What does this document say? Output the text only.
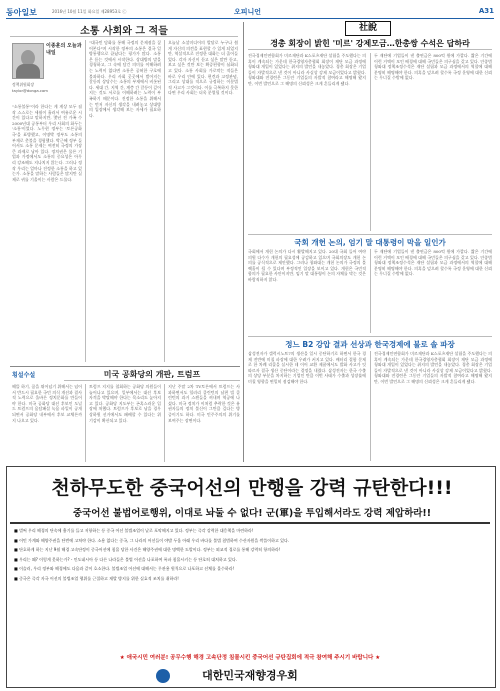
동아일보	2016년 10월 11일 화요일 제28953호 ⓒ	오피니언	A31
소통 사회와 그 적들
이종훈의 오늘과 내일
정책위원회장
taylor@donga.com
"소통불통"이라 한다는 게 게상 모두 짐작 스스로는 세월이 흘러서 여유로운 시간이 있다고 말하지만, 몇년 전 가족 수 2000년대 공통부터 우리 사회의 화두는 '소통'이었다. 노무현 정부는 '토론공화국'을 표방했고, 이명박 정부도 소통의 부재로 촛불을 경험했다. 박근혜 정부 들어서도 소통 문제는 여전히 국정의 가장 큰 과제로 남아 있다. 정치권은 물론 기업과 가정에서도 소통의 중요성은 아무리 강조해도 지나치지 않는다. 그러나 정작 우리는 얼마나 진정한 소통을 하고 있는가. 소통을 말하는 사람들은 많지만 실제로 귀를 기울이는 사람은 드물다.
"대국민 담화를 통해 국정의 문제점을 짚어본다"며 시작한 정부의 소통은 결국 일방통행으로 끝났다는 평가가 많다. 소통은 듣는 것에서 시작한다. 상대방의 말을 경청하고, 그 속에 담긴 의미를 이해하려는 노력이 없다면 소통은 공허한 구호에 불과하다. 우리 사회 곳곳에서 벌어지는 갈등의 상당수는 소통의 부재에서 비롯된다. 세대 간, 지역 간, 계층 간 갈등이 깊어지는 것도 서로를 이해하려는 노력이 부족하기 때문이다. 진정한 소통을 위해서는 먼저 자신의 생각을 내려놓고 상대방의 입장에서 생각해 보는 자세가 필요하다.
오늘날 소셜미디어의 발달로 누구나 쉽게 자신의 의견을 표현할 수 있게 되었지만, 역설적으로 진정한 대화는 더 줄어들었다. 각자 자신이 듣고 싶은 말만 듣고, 보고 싶은 것만 보는 확증편향이 심화되고 있다. 소통 사회를 가로막는 적들은 바로 우리 안에 있다. 편견과 고정관념, 그리고 상대를 적으로 규정하는 이분법적 사고가 그것이다. 이를 극복하지 못한다면 우리 사회는 더욱 분열될 것이다.
社說
경총 회장이 밝힌 '미르' 강제모금…한총쌍 수석은 답하라
전국경제인연합회가 미르재단과 K스포츠재단 설립을 주도했다는 의혹이 계속되는 가운데 한국경영자총협회 회장이 재단 모금 과정에 청와대 개입이 있었다는 취지의 발언을 내놓았다. 경총 회장은 기업들이 자발적으로 낸 것이 아니라 사실상 강제 모금이었다고 밝혔다. 청와대와 전경련은 그동안 기업들의 자발적 참여라고 해명해 왔지만, 이번 발언으로 그 해명의 신뢰성은 크게 흔들리게 됐다.
두 재단에 기업들이 낸 출연금은 800억 원에 가깝다. 짧은 기간에 이런 거액이 모인 배경에 대해 국민들은 의구심을 갖고 있다. 안종범 청와대 정책조정수석은 재단 설립과 모금 과정에서의 역할에 대해 분명히 해명해야 한다. 의혹을 덮으려 할수록 국정 운영에 대한 신뢰는 무너질 수밖에 없다.
국회 개헌 논의, 엄기 말 대통령이 막을 일인가
국회에서 개헌 논의가 다시 활발해지고 있다. 20대 국회 들어 여야 의원 다수가 개헌의 필요성에 공감하고 있으며 국회의장도 개헌 논의를 공식적으로 제안했다. 그러나 청와대는 개헌 논의가 국정의 블랙홀이 될 수 있다며 부정적인 입장을 보이고 있다. 개헌은 국민적 합의가 필요한 사안이지만, 임기 말 대통령이 논의 자체를 막는 것은 바람직하지 않다.
두 재단에 기업들이 낸 출연금은 800억 원에 가깝다. 짧은 기간에 이런 거액이 모인 배경에 대해 국민들은 의구심을 갖고 있다. 안종범 청와대 정책조정수석은 재단 설립과 모금 과정에서의 역할에 대해 분명히 해명해야 한다. 의혹을 덮으려 할수록 국정 운영에 대한 신뢰는 무너질 수밖에 없다.
정느 B2 강압 결과 선상과 한국경제에 불로 솔 파장
삼성전자가 갤럭시노트7의 생산을 일시 중단하기로 하면서 한국 경제 전반에 미칠 파장에 대한 우려가 커지고 있다. 배터리 결함 문제로 한 차례 리콜을 실시한 데 이어 교환 제품에서도 발화 사고가 잇따르자 결국 생산 중단이라는 결정을 내렸다. 삼성전자는 한국 수출의 상당 부분을 차지하는 기업인 만큼 이번 사태가 수출과 성장률에 미칠 영향을 면밀히 점검해야 한다.
전국경제인연합회가 미르재단과 K스포츠재단 설립을 주도했다는 의혹이 계속되는 가운데 한국경영자총협회 회장이 재단 모금 과정에 청와대 개입이 있었다는 취지의 발언을 내놓았다. 경총 회장은 기업들이 자발적으로 낸 것이 아니라 사실상 강제 모금이었다고 밝혔다. 청와대와 전경련은 그동안 기업들의 자발적 참여라고 해명해 왔지만, 이번 발언으로 그 해명의 신뢰성은 크게 흔들리게 됐다.
횡설수설	미국 공화당의 개판, 트럼프
해뜰 하기, 꿈을 뛰어넘기 위해서는 넘어서 반드시 필요한 국민 의식 개선과 결사적 노력으로 올바른 정치문화를 만들어야 한다. 미국 공화당 대선 후보인 도널드 트럼프의 음담패설 녹음 파일이 공개되면서 공화당 내부에서 후보 교체론까지 나오고 있다.
트럼프 지지를 철회하는 공화당 의원들이 늘어나고 있으며, 일부에서는 대선 후보 자격을 박탈해야 한다는 목소리도 높아지고 있다. 공화당 지도부는 곤혹스러운 입장에 처했다. 트럼프가 후보로 남을 경우 상하원 선거에서도 패배할 수 있다는 위기감이 확산되고 있다.
지난 주말 2차 TV토론에서 트럼프는 사과하면서도 힐러리 클린턴의 남편 빌 클린턴의 과거 스캔들을 꺼내며 역공에 나섰다. 미국 정치가 이처럼 추락한 것은 유권자들의 정치 불신이 그만큼 깊다는 방증이기도 하다. 미국 민주주의의 위기를 보여주는 장면이다.
천하무도한 중국어선의 만행을 강력 규탄한다!!!
중국어선 불법어로행위, 이대로 놔둘 수 없다! 군(軍)을 투입해서라도 강력 제압하라!!
■ 벌써 우리 해경의 단속에 흉기를 들고 저항하는 등 중국 어선 불법조업이 날로 포악해지고 있다. 정부는 즉각 강력한 대응책을 마련하라!
■ 어민 가계와 해양주권을 단번에 고쳐야 한다. 소용 없다는 중국, 그 나라의 어선들이 야밤 두움 아래 우리 바다를 불법 침범하여 수산자원을 싹쓸이하고 있다.
■ 단호하게 하는 지난 9월 해경 고속단정이 중국어선에 침몰 당한 사건은 해양주권에 대한 명백한 도발이다. 정부는 외교적 경로를 통해 강력히 항의하라!
■ 우리는 왜? 이렇게 못하는가? - 인도네시아 등 다른 나라들은 불법 어선을 나포하여 폭파 침몰시키는 등 단호히 대처하고 있다.
■ 이슬러, 우리 정부와 해경에도 다음과 같이 호소한다. 불법조업 어선에 대해서는 무관용 원칙으로 나포하고 선체를 몰수하라!
■ 중국은 즉각 자국 어선의 불법조업 행위를 근절하고 재발 방지를 위한 실효적 조치를 취하라!
★ 애국시민 여러분! 공무수행 해경 고속단정 침몰시킨 중국어선 규탄집회에 적극 참여해 주시기 바랍니다 ★
대한민국재향경우회
